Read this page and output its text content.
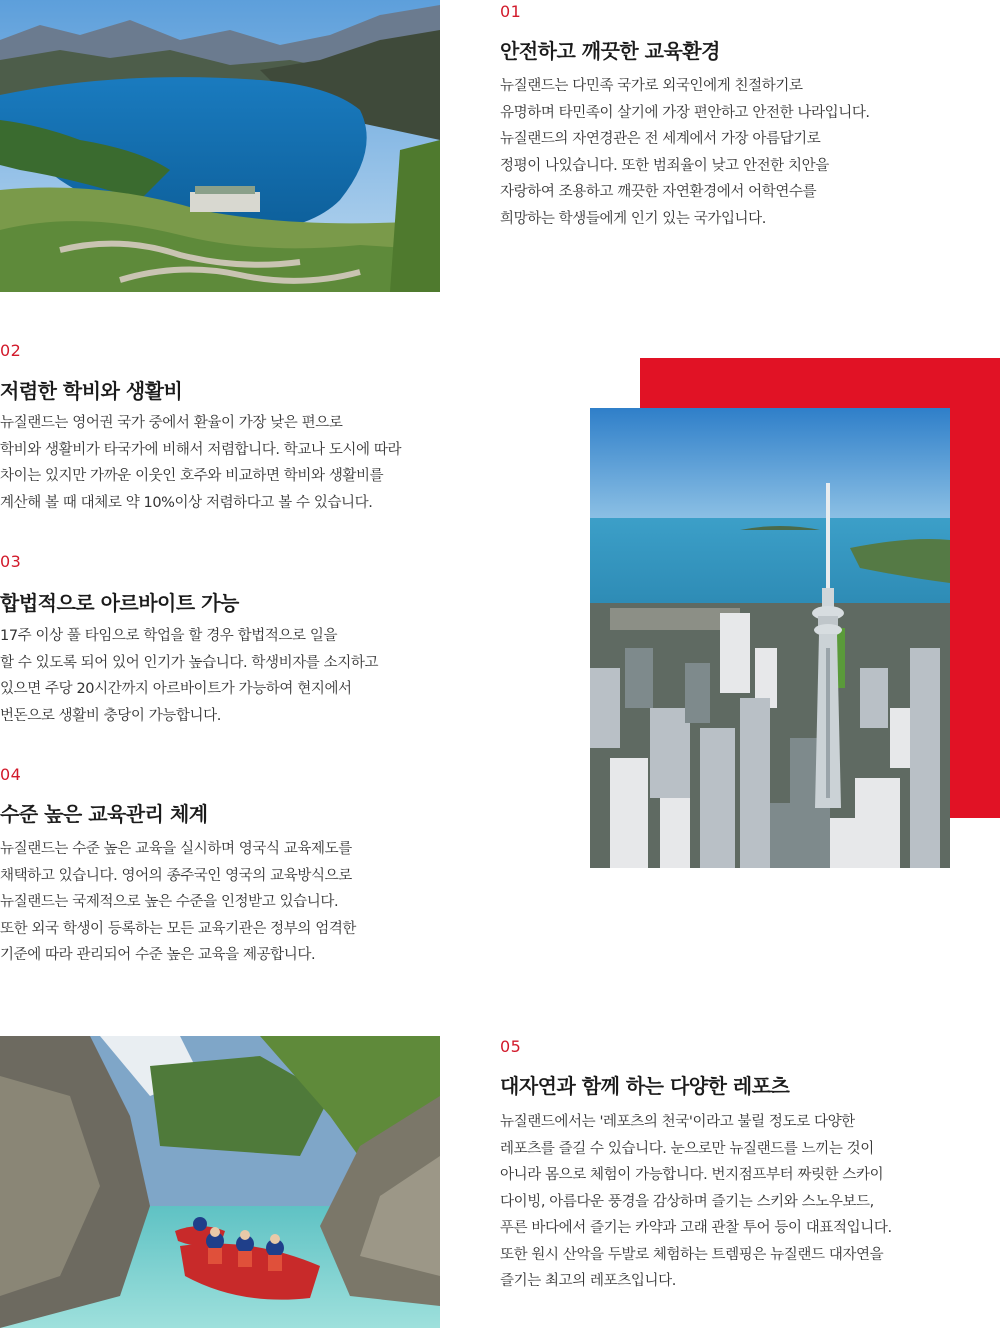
01
안전하고 깨끗한 교육환경
뉴질랜드는 다민족 국가로 외국인에게 친절하기로
유명하며 타민족이 살기에 가장 편안하고 안전한 나라입니다.
뉴질랜드의 자연경관은 전 세계에서 가장 아름답기로
정평이 나있습니다. 또한 범죄율이 낮고 안전한 치안을
자랑하여 조용하고 깨끗한 자연환경에서 어학연수를
희망하는 학생들에게 인기 있는 국가입니다.
02
저렴한 학비와 생활비
뉴질랜드는 영어권 국가 중에서 환율이 가장 낮은 편으로
학비와 생활비가 타국가에 비해서 저렴합니다. 학교나 도시에 따라
차이는 있지만 가까운 이웃인 호주와 비교하면 학비와 생활비를
계산해 볼 때 대체로 약 10%이상 저렴하다고 볼 수 있습니다.
03
합법적으로 아르바이트 가능
17주 이상 풀 타임으로 학업을 할 경우 합법적으로 일을
할 수 있도록 되어 있어 인기가 높습니다. 학생비자를 소지하고
있으면 주당 20시간까지 아르바이트가 가능하여 현지에서
번돈으로 생활비 충당이 가능합니다.
04
수준 높은 교육관리 체계
뉴질랜드는 수준 높은 교육을 실시하며 영국식 교육제도를
채택하고 있습니다. 영어의 종주국인 영국의 교육방식으로
뉴질랜드는 국제적으로 높은 수준을 인정받고 있습니다.
또한 외국 학생이 등록하는 모든 교육기관은 정부의 엄격한
기준에 따라 관리되어 수준 높은 교육을 제공합니다.
05
대자연과 함께 하는 다양한 레포츠
뉴질랜드에서는 '레포츠의 천국'이라고 불릴 정도로 다양한
레포츠를 즐길 수 있습니다. 눈으로만 뉴질랜드를 느끼는 것이
아니라 몸으로 체험이 가능합니다. 번지점프부터 짜릿한 스카이
다이빙, 아름다운 풍경을 감상하며 즐기는 스키와 스노우보드,
푸른 바다에서 즐기는 카약과 고래 관찰 투어 등이 대표적입니다.
또한 원시 산악을 두발로 체험하는 트렘핑은 뉴질랜드 대자연을
즐기는 최고의 레포츠입니다.
